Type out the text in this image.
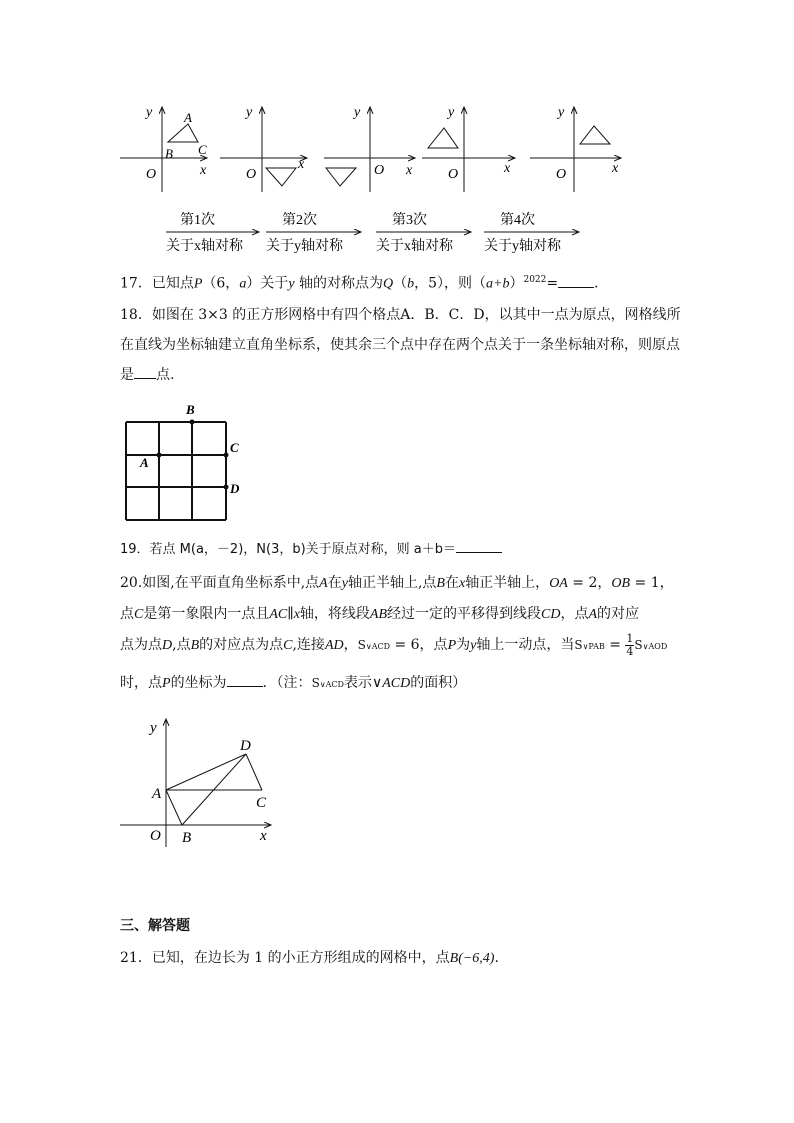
y
x
O
A
B C
y
x
O
y
x
O
y
x
O
y
x
O
第1次
关于x轴对称
第2次
关于y轴对称
第3次
关于x轴对称
第4次
关于y轴对称
17．已知点P（6，a）关于y 轴的对称点为Q（b，5），则$(a+b)^{2022}=$	．
18．如图在 3×3 的正方形网格中有四个格点A．B．C．D，以其中一点为原点，网格线所
在直线为坐标轴建立直角坐标系，使其余三个点中存在两个点关于一条坐标轴对称，则原点
是 点.
A
B
C
D
19．若点 M(a，－2)，N(3，b)关于原点对称，则 a＋b＝
20.如图,在平面直角坐标系中,点A在y轴正半轴上,点B在x轴正半轴上，OA = 2，OB = 1，
点C是第一象限内一点且AC∥x轴，将线段AB经过一定的平移得到线段CD，点A的对应
点为点D,点B的对应点为点C,连接AD，S∨ACD = 6，点P为y轴上一动点，当S∨PAB = $\frac{1}{4}$ S∨AOD
时，点P的坐标为	．（注：S∨ACD表示∨ACD的面积）
y
x
O
A
B
C
D
三、解答题
21．已知，在边长为 1 的小正方形组成的网格中，点B(−6,4).
